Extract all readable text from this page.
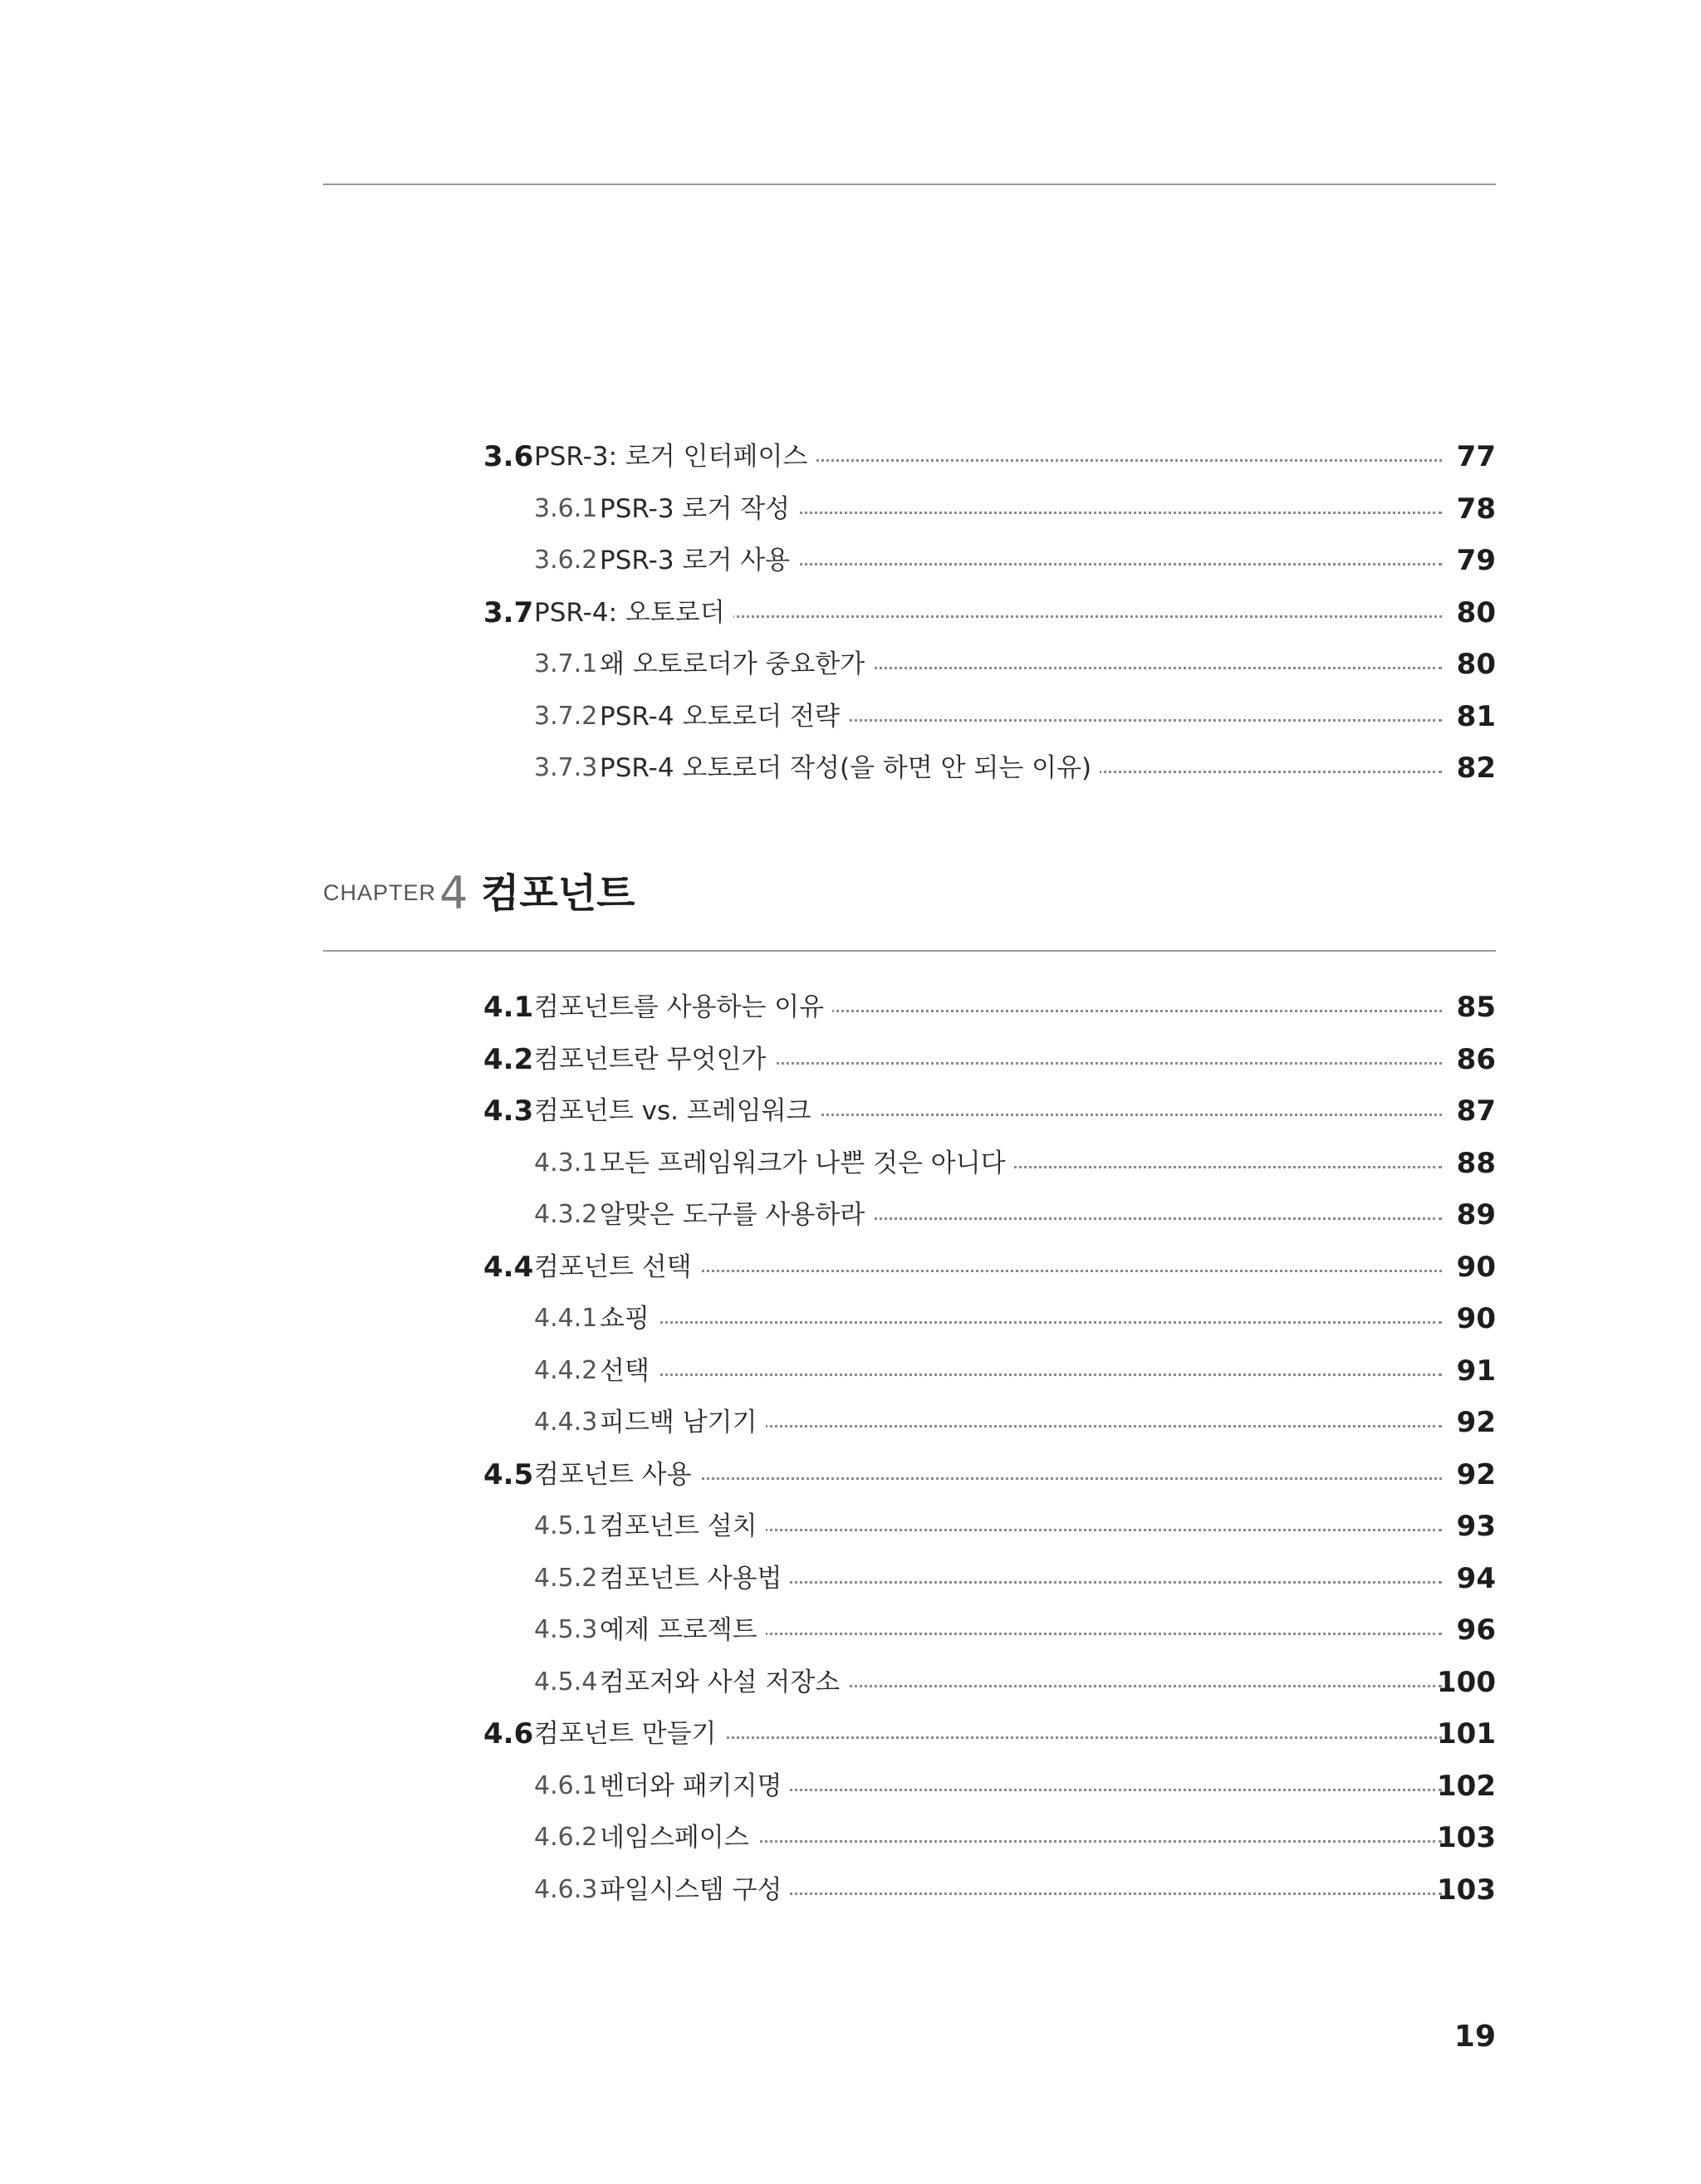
3.6 PSR-3: 로거 인터페이스	77
3.6.1 PSR-3 로거 작성	78
3.6.2 PSR-3 로거 사용	79
3.7 PSR-4: 오토로더	80
3.7.1 왜 오토로더가 중요한가	80
3.7.2 PSR-4 오토로더 전략	81
3.7.3 PSR-4 오토로더 작성(을 하면 안 되는 이유)	82
CHAPTER 4 컴포넌트
4.1 컴포넌트를 사용하는 이유	85
4.2 컴포넌트란 무엇인가	86
4.3 컴포넌트 vs. 프레임워크	87
4.3.1 모든 프레임워크가 나쁜 것은 아니다	88
4.3.2 알맞은 도구를 사용하라	89
4.4 컴포넌트 선택	90
4.4.1 쇼핑	90
4.4.2 선택	91
4.4.3 피드백 남기기	92
4.5 컴포넌트 사용	92
4.5.1 컴포넌트 설치	93
4.5.2 컴포넌트 사용법	94
4.5.3 예제 프로젝트	96
4.5.4 컴포저와 사설 저장소	100
4.6 컴포넌트 만들기	101
4.6.1 벤더와 패키지명	102
4.6.2 네임스페이스	103
4.6.3 파일시스템 구성	103
19
